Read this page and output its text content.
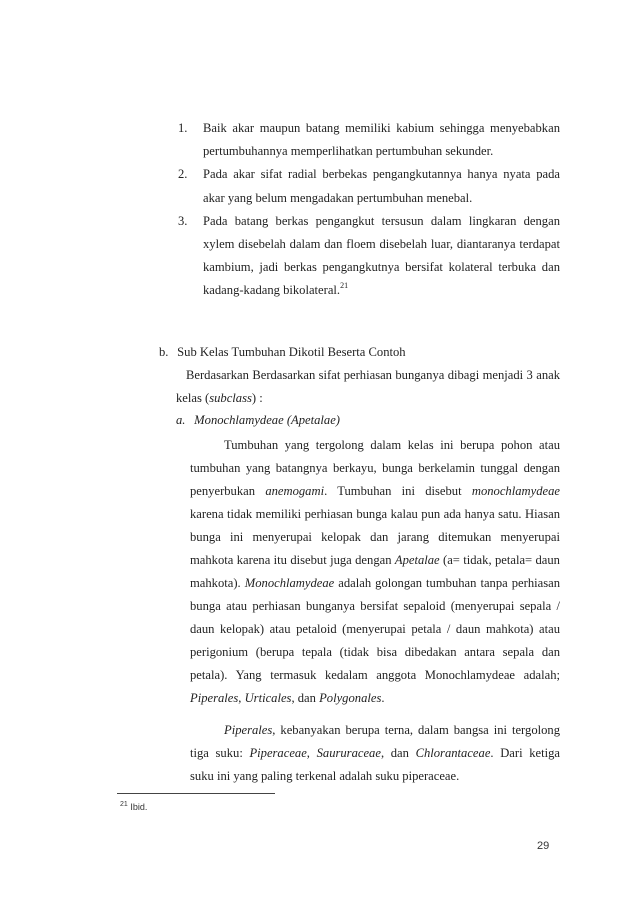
1. Baik akar maupun batang memiliki kabium sehingga menyebabkan pertumbuhannya memperlihatkan pertumbuhan sekunder.
2. Pada akar sifat radial berbekas pengangkutannya hanya nyata pada akar yang belum mengadakan pertumbuhan menebal.
3. Pada batang berkas pengangkut tersusun dalam lingkaran dengan xylem disebelah dalam dan floem disebelah luar, diantaranya terdapat kambium, jadi berkas pengangkutnya bersifat kolateral terbuka dan kadang-kadang bikolateral.$^{21}$
b. Sub Kelas Tumbuhan Dikotil Beserta Contoh
Berdasarkan Berdasarkan sifat perhiasan bunganya dibagi menjadi 3 anak kelas (subclass) :
a. Monochlamydeae (Apetalae)
Tumbuhan yang tergolong dalam kelas ini berupa pohon atau tumbuhan yang batangnya berkayu, bunga berkelamin tunggal dengan penyerbukan anemogami. Tumbuhan ini disebut monochlamydeae karena tidak memiliki perhiasan bunga kalau pun ada hanya satu. Hiasan bunga ini menyerupai kelopak dan jarang ditemukan menyerupai mahkota karena itu disebut juga dengan Apetalae (a= tidak, petala= daun mahkota). Monochlamydeae adalah golongan tumbuhan tanpa perhiasan bunga atau perhiasan bunganya bersifat sepaloid (menyerupai sepala / daun kelopak) atau petaloid (menyerupai petala / daun mahkota) atau perigonium (berupa tepala (tidak bisa dibedakan antara sepala dan petala). Yang termasuk kedalam anggota Monochlamydeae adalah; Piperales, Urticales, dan Polygonales.
Piperales, kebanyakan berupa terna, dalam bangsa ini tergolong tiga suku: Piperaceae, Saururaceae, dan Chlorantaceae. Dari ketiga suku ini yang paling terkenal adalah suku piperaceae.
$^{21}$ Ibid.
29
